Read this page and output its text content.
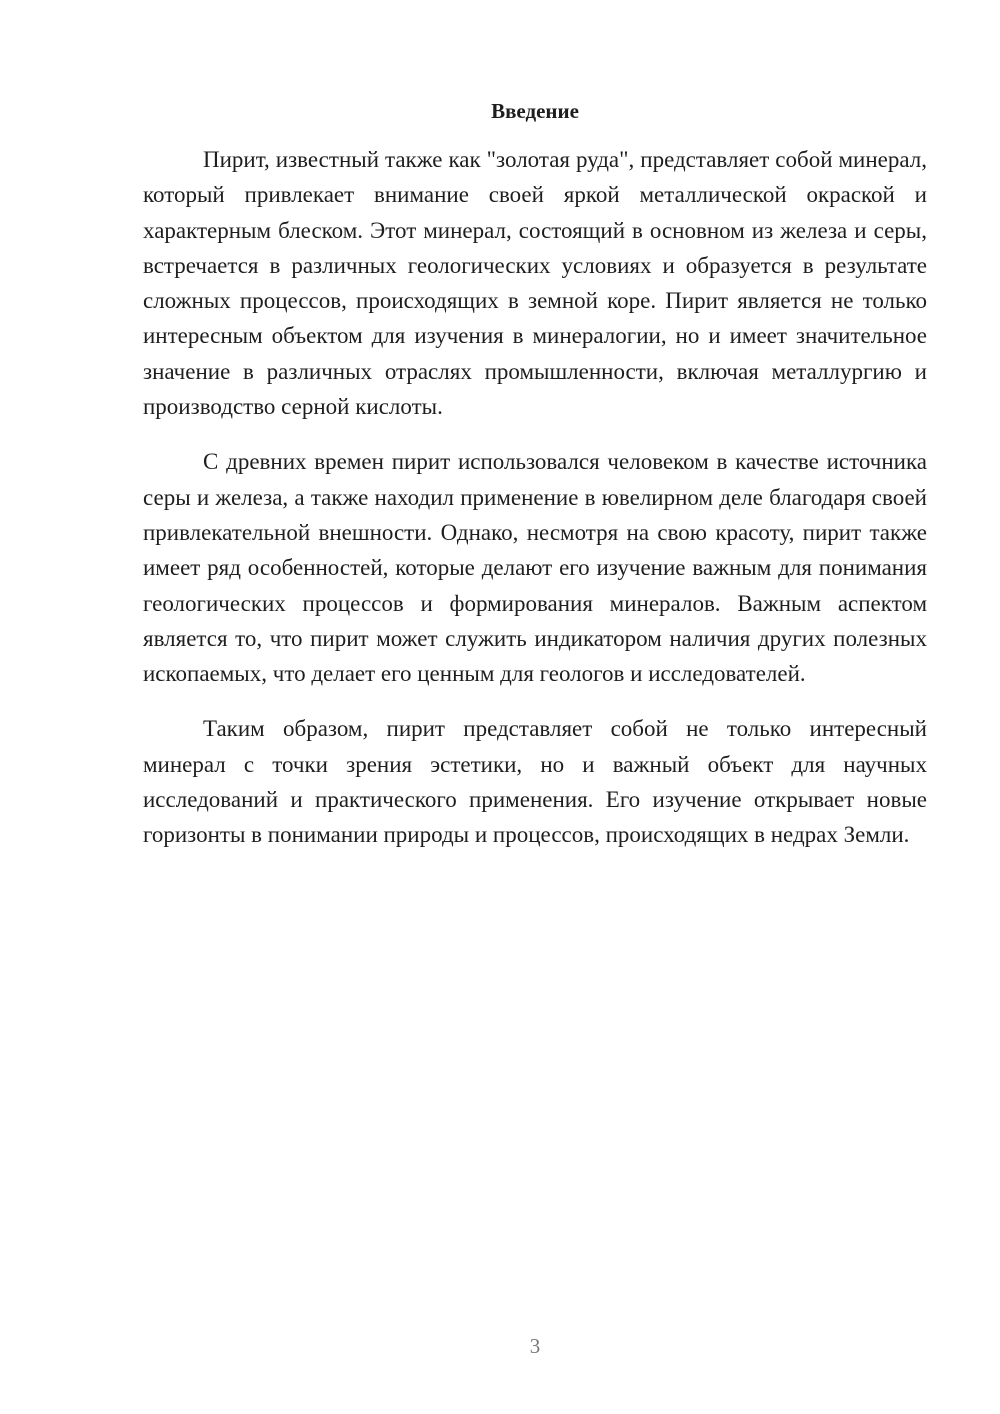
Введение

Пирит, известный также как "золотая руда", представляет собой минерал, который привлекает внимание своей яркой металлической окраской и характерным блеском. Этот минерал, состоящий в основном из железа и серы, встречается в различных геологических условиях и образуется в результате сложных процессов, происходящих в земной коре. Пирит является не только интересным объектом для изучения в минералогии, но и имеет значительное значение в различных отраслях промышленности, включая металлургию и производство серной кислоты.

С древних времен пирит использовался человеком в качестве источника серы и железа, а также находил применение в ювелирном деле благодаря своей привлекательной внешности. Однако, несмотря на свою красоту, пирит также имеет ряд особенностей, которые делают его изучение важным для понимания геологических процессов и формирования минералов. Важным аспектом является то, что пирит может служить индикатором наличия других полезных ископаемых, что делает его ценным для геологов и исследователей.

Таким образом, пирит представляет собой не только интересный минерал с точки зрения эстетики, но и важный объект для научных исследований и практического применения. Его изучение открывает новые горизонты в понимании природы и процессов, происходящих в недрах Земли.

3
